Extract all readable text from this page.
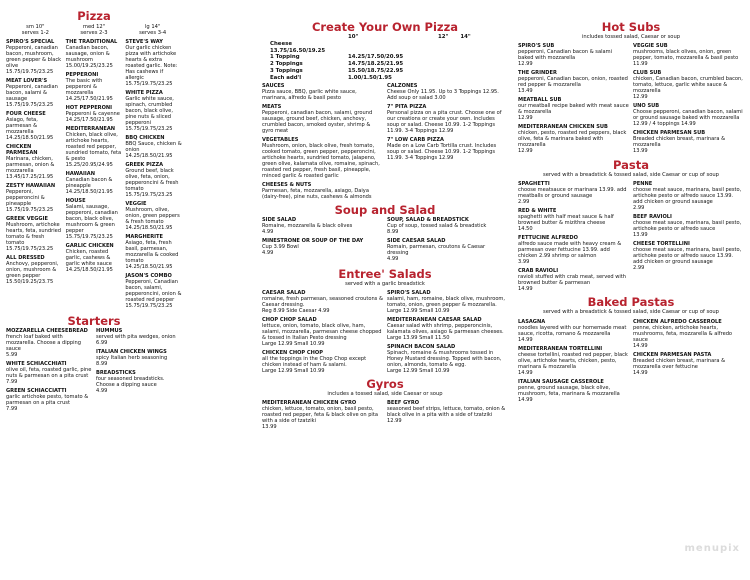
Pizza
sm 10"
serves 1-2
med 12"
serves 2-3
lg 14"
serves 3-4
SPIRO'S SPECIAL
Pepperoni, canadian bacon, mushroom, green pepper & black olive
15.75/19.75/23.25
MEAT LOVER'S
Pepperoni, canadian bacon, salami & sausage
15.75/19.75/23.25
FOUR CHEESE
Asiago, feta, parmesan & mozzarella
14.25/18.50/21.95
CHICKEN PARMESAN
Marinara, chicken, parmesan, onion & mozzarella
13.45/17.25/21.95
ZESTY HAWAIIAN
Pepperoni, pepperoncini & pineapple
15.75/19.75/23.25
GREEK VEGGIE
Mushroom, artichoke hearts, feta, sundried tomato & fresh tomato
15.75/19.75/23.25
ALL DRESSED
Anchovy, pepperoni, onion, mushroom & green pepper
15.50/19.25/23.75
THE TRADITIONAL
Canadian bacon, sausage, onion & mushroom
15.00/19.25/23.25
PEPPERONI
The basic with pepperoni & mozzarella
14.25/17.50/21.95
HOT PEPPERONI
Pepperoni & cayenne
14.25/17.50/21.95
MEDITERRANEAN
Chicken, black olive, artichoke hearts, roasted red pepper, sundried tomato, feta & pesto
15.25/20.95/24.95
HAWAIIAN
Canadian bacon & pineapple
14.25/18.50/21.95
HOUSE
Salami, sausage, pepperoni, canadian bacon, black olive, mushroom & green pepper
15.75/19.75/23.25
GARLIC CHICKEN
Chicken, roasted garlic, cashews & garlic white sauce
14.25/18.50/21.95
STEVE'S WAY
Our garlic chicken pizza with artichoke hearts & extra roasted garlic. Note: Has cashews if allergic
15.75/19.75/23.25
WHITE PIZZA
Garlic white sauce, spinach, crumbled bacon, black olive, pine nuts & sliced pepperoni
15.75/19.75/23.25
BBQ CHICKEN
BBQ Sauce, chicken & onion
14.25/18.50/21.95
GREEK PIZZA
Ground beef, black olive, feta, onion, pepperoncini & fresh tomato
15.75/19.75/23.25
VEGGIE
Mushroom, olive, onion, green peppers & fresh tomato
14.25/18.50/21.95
MARGHERITE
Asiago, feta, fresh basil, parmesan, mozzarella & cooked tomato
14.25/18.50/21.95
JASON'S COMBO
Pepperoni, Canadian bacon, salami, pepperoncini, onion & roasted red pepper
15.75/19.75/23.25
Starters
MOZZARELLA CHEESEBREAD
french loaf baked with mozzarella. Choose a dipping sauce
5.99
WHITE SCHIACCHIATI
olive oil, feta, roasted garlic, pine nuts & parmesan on a pita crust
7.99
GREEN SCHIACCIATTI
garlic artichoke pesto, tomato & parmesan on a pita crust
7.99
HUMMUS
served with pita wedges, onion
6.99
ITALIAN CHICKEN WINGS
spicy Italian herb seasoning
8.99
BREADSTICKS
four seasoned breadsticks. Choose a dipping sauce
4.99
Create Your Own Pizza
10"	12" 14"
Cheese
13.75/16.50/19.25
1 Topping	14.25/17.50/20.95
2 Toppings	14.75/18.25/21.95
3 Toppings	15.50/18.75/22.95
Each add'l	1.00/1.50/1.95
SAUCES
Pizza sauce, BBQ, garlic white sauce, marinara, alfredo & basil pesto
MEATS
Pepperoni, canadian bacon, salami, ground sausage, ground beef, chicken, anchovy, crumbled bacon, smoked oyster, shrimp & gyro meat
VEGETABLES
Mushroom, onion, black olive, fresh tomato, cooked tomato, green pepper, pepperoncini, artichoke hearts, sundried tomato, jalapeno, green olive, kalamata olive, romaine, spinach, roasted red pepper, fresh basil, pineapple, minced garlic & roasted garlic
CHEESES & NUTS
Parmesan, feta, mozzarella, asiago, Daiya (dairy-free), pine nuts, cashews & almonds
CALZONES
Cheese Only 11.95. Up to 3 Toppings 12.95. Add soup or salad 3.00
7" PITA PIZZA
Personal pizza on a pita crust. Choose one of our creations or create your own. Includes soup or salad. Cheese 10.99. 1-2 Toppings 11.99. 3-4 Toppings 12.99
7" LOW CARB PIZZA
Made on a Low Carb Tortilla crust. Includes soup or salad. Cheese 10.99. 1-2 Toppings 11.99. 3-4 Toppings 12.99
Soup and Salad
SIDE SALAD
Romaine, mozzarella & black olives
4.99
MINESTRONE OR SOUP OF THE DAY
Cup 3.99 Bowl
4.99
SOUP, SALAD & BREADSTICK
Cup of soup, tossed salad & breadstick
8.99
SIDE CAESAR SALAD
Romain, parmesan, croutons & Caesar dressing
4.99
Entree' Salads

served with a garlic breadstick

CAESAR SALAD
romaine, fresh parmesan, seasoned croutons & Caesar dressing.
Reg 8.99 Side Caesar 4.99
CHOP CHOP SALAD
lettuce, onion, tomato, black olive, ham, salami, mozzarella, parmesan cheese chopped & tossed in Italian Pesto dressing
Large 12.99 Small 10.99
CHICKEN CHOP CHOP
all the toppings in the Chop Chop except chicken instead of ham & salami.
Large 12.99 Small 10.99
SPIRO'S SALAD
salami, ham, romaine, black olive, mushroom, tomato, onion, green pepper & mozzarella.
Large 12.99 Small 10.99
MEDITERRANEAN CAESAR SALAD
Caesar salad with shrimp, pepperoncinis, kalamata olives, asiago & parmesan cheeses.
Large 13.99 Small 11.50
SPINACH BACON SALAD
Spinach, romaine & mushrooms tossed in Honey Mustard dressing. Topped with bacon, onion, almonds, tomato & egg.
Large 12.99 Small 10.99
Gyros

includes a tossed salad, side Caesar or soup

MEDITERRANEAN CHICKEN GYRO
chicken, lettuce, tomato, onion, basil pesto, roasted red pepper, feta & black olive on pita with a side of tzatziki
13.99
BEEF GYRO
seasoned beef strips, lettuce, tomato, onion & black olive in a pita with a side of tzatziki
12.99
Hot Subs

includes tossed salad, Caesar or soup

SPIRO'S SUB
pepperoni, Canadian bacon & salami baked with mozzarella
12.99
THE GRINDER
pepperoni, Canadian bacon, onion, roasted red pepper & mozzarella
13.49
MEATBALL SUB
our meatball recipe baked with meat sauce & mozzarella
12.99
MEDITERRANEAN CHICKEN SUB
chicken, pesto, roasted red peppers, black olive, feta & marinara baked with mozzarella
12.99
VEGGIE SUB
mushrooms, black olives, onion, green pepper, tomato, mozzarella & basil pesto
11.99
CLUB SUB
chicken, Canadian bacon, crumbled bacon, tomato, lettuce, garlic white sauce & mozzarella
12.99
UNO SUB
Choose pepperoni, canadian bacon, salami or ground sausage baked with mozzarella
12.99 / 4 toppings 14.99
CHICKEN PARMESAN SUB
Breaded chicken breast, marinara & mozzarella
13.99
Pasta

served with a breadstick & tossed salad, side Caesar or cup of soup

SPAGHETTI
choose meatsauce or marinara 13.99. add meatballs or ground sausage
2.99
RED & WHITE
spaghetti with half meat sauce & half browned butter & mizithra cheese
14.50
FETTUCINE ALFREDO
alfredo sauce made with heavy cream & parmesan over fettucine 13.99. add chicken 2.99 shrimp or salmon
3.99
CRAB RAVIOLI
ravioli stuffed with crab meat, served with browned butter & parmesan
14.99
PENNE
choose meat sauce, marinara, basil pesto, artichoke pesto or alfredo sauce 13.99. add chicken or ground sausage
2.99
BEEF RAVIOLI
choose meat sauce, marinara, basil pesto, artichoke pesto or alfredo sauce
13.99
CHEESE TORTELLINI
choose meat sauce, marinara, basil pesto, artichoke pesto or alfredo sauce 13.99. add chicken or ground sausage
2.99
Baked Pastas

served with a breadstick & tossed salad, side Caesar or cup of soup

LASAGNA
noodles layered with our homemade meat sauce, ricotta, romano & mozzarella
14.99
MEDITERRANEAN TORTELLINI
cheese tortellini, roasted red pepper, black olive, artichoke hearts, chicken, pesto, marinara & mozzarella
14.99
ITALIAN SAUSAGE CASSEROLE
penne, ground sausage, black olive, mushroom, feta, marinara & mozzarella
14.99
CHICKEN ALFREDO CASSEROLE
penne, chicken, artichoke hearts, mushrooms, feta, mozzarella & alfredo sauce
14.99
CHICKEN PARMESAN PASTA
Breaded chicken breast, marinara & mozzarella over fettucine
14.99
menupix
